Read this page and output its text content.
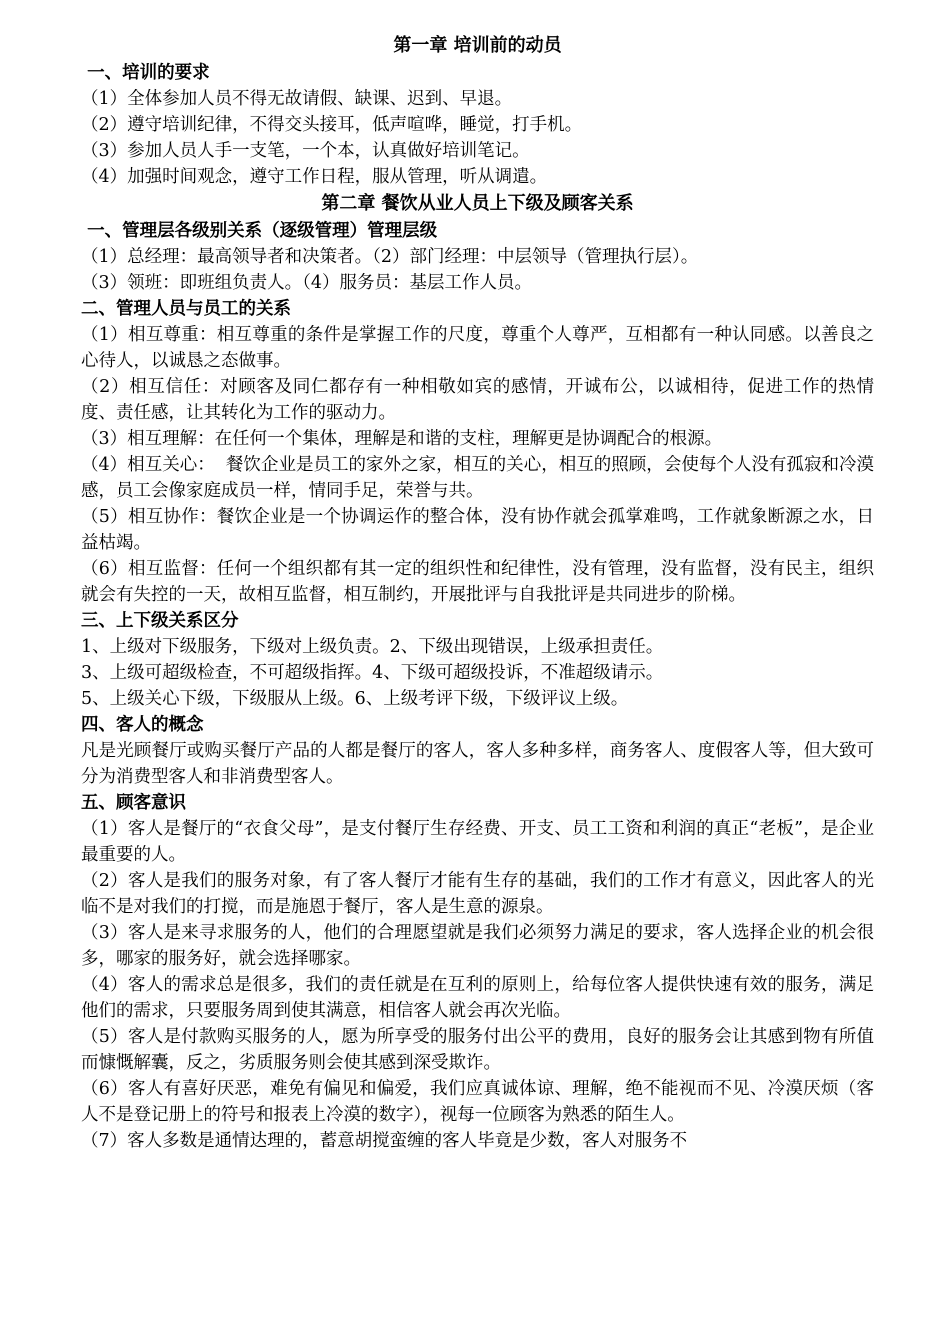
第一章 培训前的动员

一、培训的要求

（1）全体参加人员不得无故请假、缺课、迟到、早退。

（2）遵守培训纪律，不得交头接耳，低声喧哗，睡觉，打手机。

（3）参加人员人手一支笔，一个本，认真做好培训笔记。

（4）加强时间观念，遵守工作日程，服从管理，听从调遣。

第二章 餐饮从业人员上下级及顾客关系

一、管理层各级别关系（逐级管理）管理层级

（1）总经理：最高领导者和决策者。（2）部门经理：中层领导（管理执行层）。

（3）领班：即班组负责人。（4）服务员：基层工作人员。

二、管理人员与员工的关系

（1）相互尊重：相互尊重的条件是掌握工作的尺度，尊重个人尊严，互相都有一种认同感。以善良之心待人，以诚恳之态做事。

（2）相互信任：对顾客及同仁都存有一种相敬如宾的感情，开诚布公，以诚相待，促进工作的热情度、责任感，让其转化为工作的驱动力。

（3）相互理解：在任何一个集体，理解是和谐的支柱，理解更是协调配合的根源。

（4）相互关心：  餐饮企业是员工的家外之家，相互的关心，相互的照顾，会使每个人没有孤寂和冷漠感，员工会像家庭成员一样，情同手足，荣誉与共。

（5）相互协作：餐饮企业是一个协调运作的整合体，没有协作就会孤掌难鸣，工作就象断源之水，日益枯竭。

（6）相互监督：任何一个组织都有其一定的组织性和纪律性，没有管理，没有监督，没有民主，组织就会有失控的一天，故相互监督，相互制约，开展批评与自我批评是共同进步的阶梯。

三、上下级关系区分

1、上级对下级服务，下级对上级负责。2、下级出现错误，上级承担责任。

3、上级可超级检查，不可超级指挥。4、下级可超级投诉，不准超级请示。

5、上级关心下级，下级服从上级。6、上级考评下级，下级评议上级。

四、客人的概念

凡是光顾餐厅或购买餐厅产品的人都是餐厅的客人，客人多种多样，商务客人、度假客人等，但大致可分为消费型客人和非消费型客人。

五、顾客意识

（1）客人是餐厅的“衣食父母”，是支付餐厅生存经费、开支、员工工资和利润的真正“老板”，是企业最重要的人。

（2）客人是我们的服务对象，有了客人餐厅才能有生存的基础，我们的工作才有意义，因此客人的光临不是对我们的打搅，而是施恩于餐厅，客人是生意的源泉。

（3）客人是来寻求服务的人，他们的合理愿望就是我们必须努力满足的要求，客人选择企业的机会很多，哪家的服务好，就会选择哪家。

（4）客人的需求总是很多，我们的责任就是在互利的原则上，给每位客人提供快速有效的服务，满足他们的需求，只要服务周到使其满意，相信客人就会再次光临。

（5）客人是付款购买服务的人，愿为所享受的服务付出公平的费用，良好的服务会让其感到物有所值而慷慨解囊，反之，劣质服务则会使其感到深受欺诈。

（6）客人有喜好厌恶，难免有偏见和偏爱，我们应真诚体谅、理解，绝不能视而不见、冷漠厌烦（客人不是登记册上的符号和报表上冷漠的数字），视每一位顾客为熟悉的陌生人。

（7）客人多数是通情达理的，蓄意胡搅蛮缠的客人毕竟是少数，客人对服务不
